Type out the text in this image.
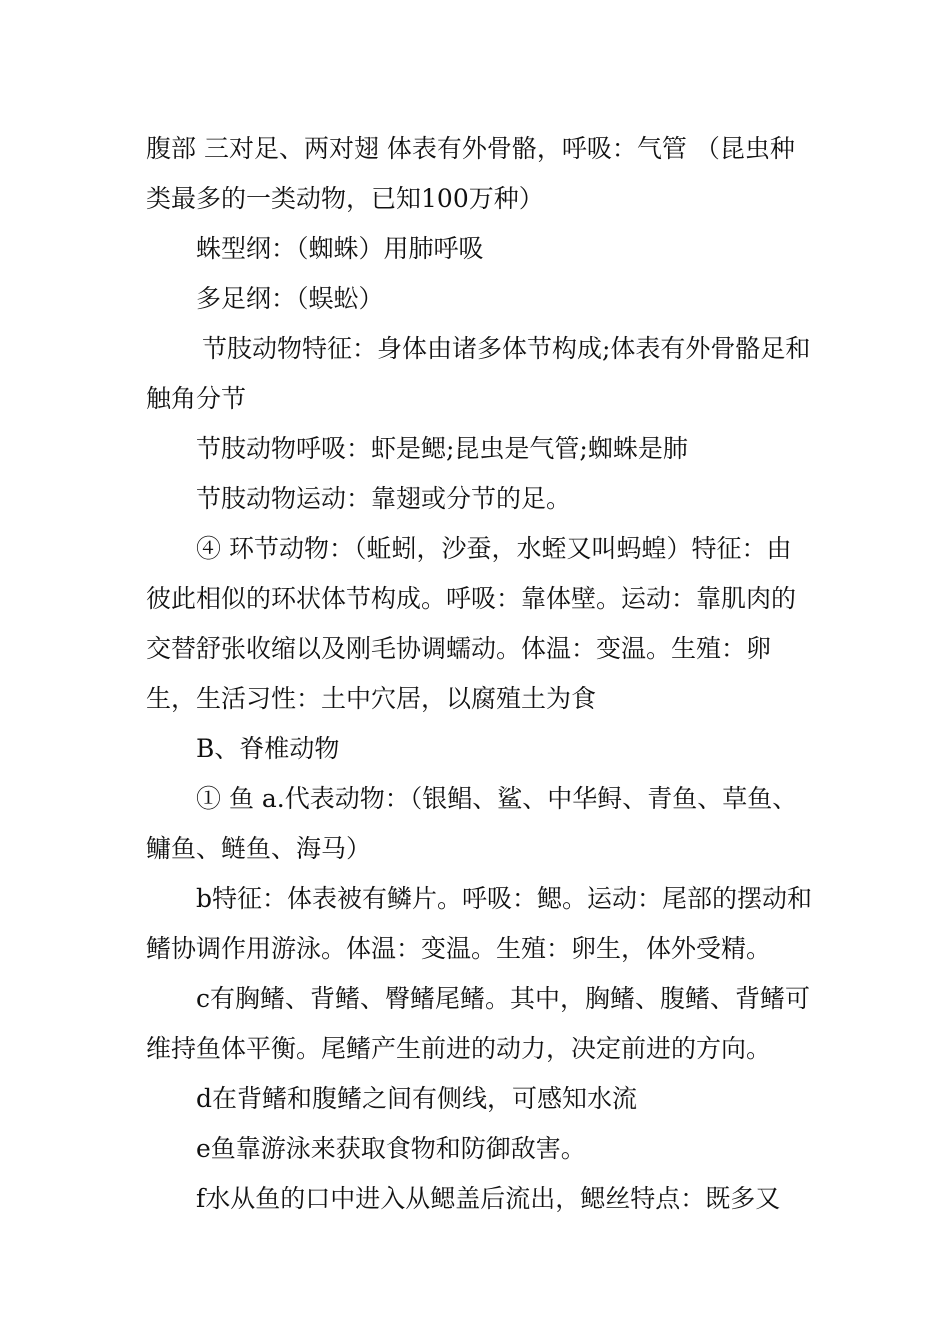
腹部 三对足、两对翅 体表有外骨骼，呼吸：气管 （昆虫种类最多的一类动物，已知100万种）

蛛型纲：（蜘蛛）用肺呼吸

多足纲：（蜈蚣）

节肢动物特征：身体由诸多体节构成;体表有外骨骼足和触角分节

节肢动物呼吸：虾是鳃;昆虫是气管;蜘蛛是肺

节肢动物运动：靠翅或分节的足。

④ 环节动物：（蚯蚓，沙蚕，水蛭又叫蚂蝗）特征：由彼此相似的环状体节构成。呼吸：靠体壁。运动：靠肌肉的交替舒张收缩以及刚毛协调蠕动。体温：变温。生殖：卵生，生活习性：土中穴居，以腐殖土为食

B、脊椎动物

① 鱼 a.代表动物：（银鲳、鲨、中华鲟、青鱼、草鱼、鳙鱼、鲢鱼、海马）

b特征：体表被有鳞片。呼吸：鳃。运动：尾部的摆动和鳍协调作用游泳。体温：变温。生殖：卵生，体外受精。

c有胸鳍、背鳍、臀鳍尾鳍。其中，胸鳍、腹鳍、背鳍可维持鱼体平衡。尾鳍产生前进的动力，决定前进的方向。

d在背鳍和腹鳍之间有侧线，可感知水流

e鱼靠游泳来获取食物和防御敌害。

f水从鱼的口中进入从鳃盖后流出，鳃丝特点：既多又
